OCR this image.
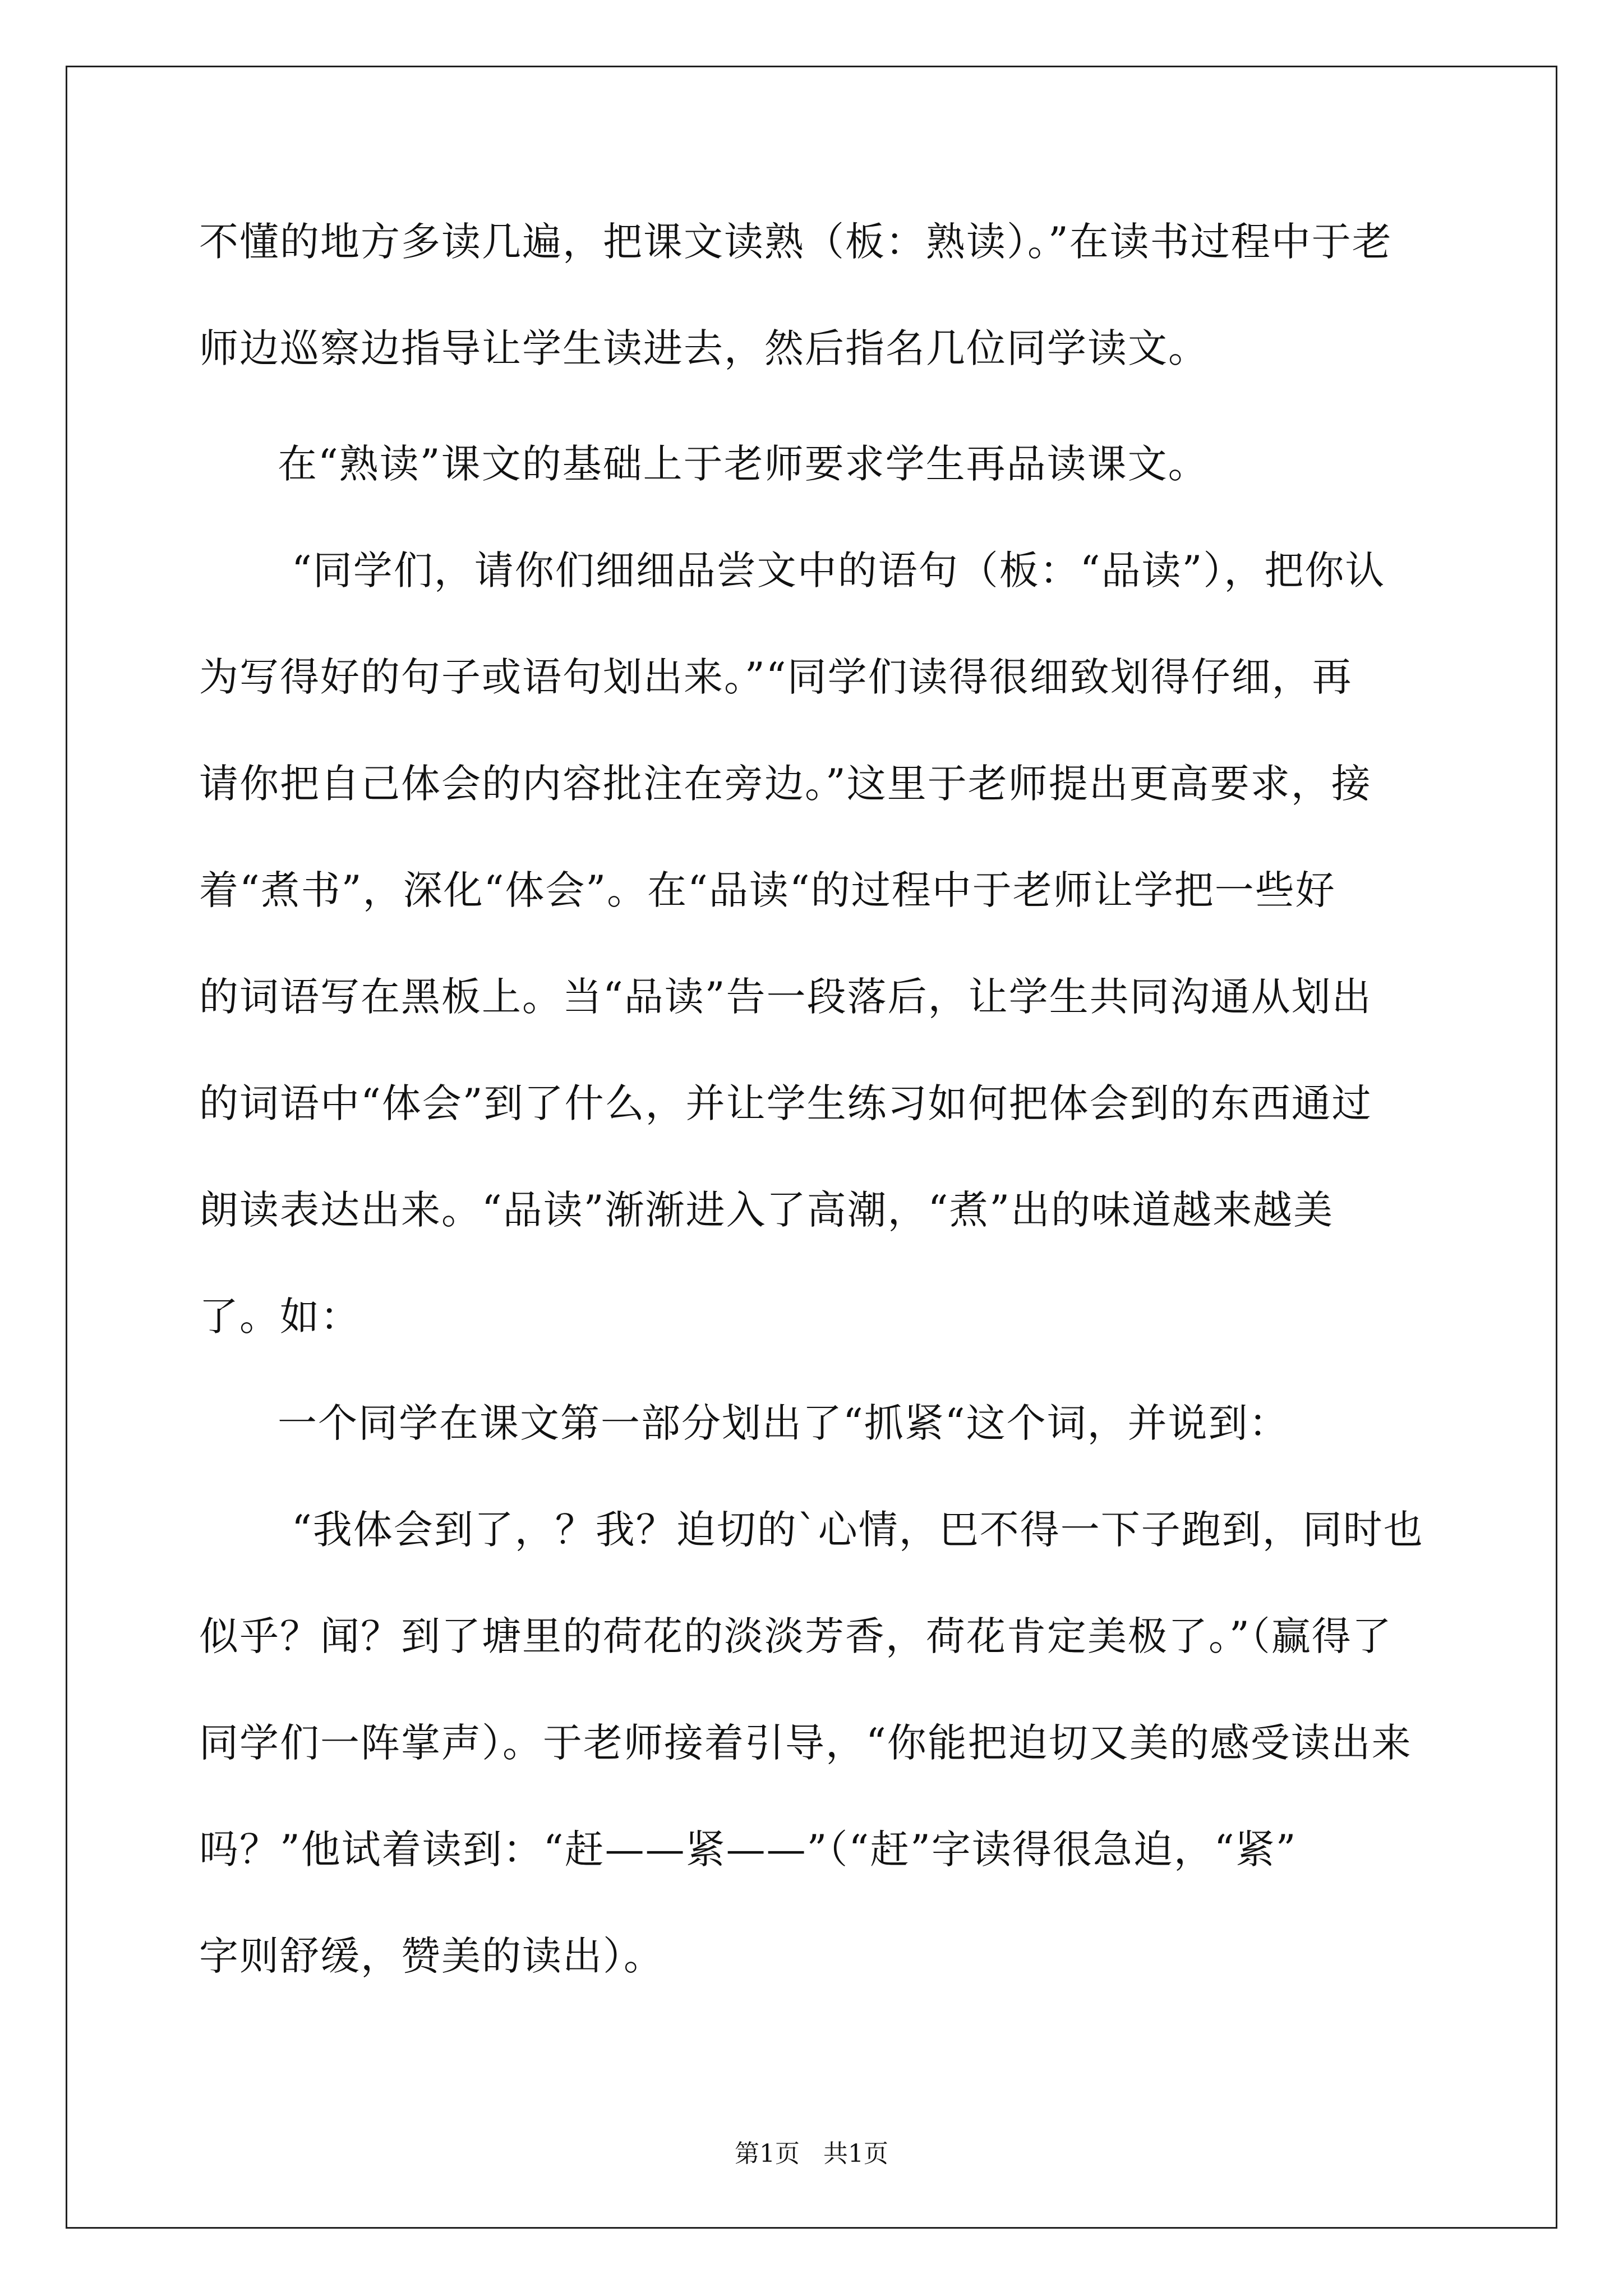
不懂的地方多读几遍，把课文读熟（板：熟读）。”在读书过程中于老
师边巡察边指导让学生读进去，然后指名几位同学读文。
在“熟读”课文的基础上于老师要求学生再品读课文。
“同学们，请你们细细品尝文中的语句（板：“品读”），把你认
为写得好的句子或语句划出来。”“同学们读得很细致划得仔细，再
请你把自己体会的内容批注在旁边。”这里于老师提出更高要求，接
着“煮书”，深化“体会”。在“品读“的过程中于老师让学把一些好
的词语写在黑板上。当“品读”告一段落后，让学生共同沟通从划出
的词语中“体会”到了什么，并让学生练习如何把体会到的东西通过
朗读表达出来。“品读”渐渐进入了高潮，“煮”出的味道越来越美
了。如：
一个同学在课文第一部分划出了“抓紧“这个词，并说到：
“我体会到了，？我？迫切的`心情，巴不得一下子跑到，同时也
似乎？闻？到了塘里的荷花的淡淡芳香，荷花肯定美极了。”（赢得了
同学们一阵掌声）。于老师接着引导，“你能把迫切又美的感受读出来
吗？”他试着读到：“赶——紧——”（“赶”字读得很急迫，“紧”
字则舒缓，赞美的读出）。
第1页   共1页
